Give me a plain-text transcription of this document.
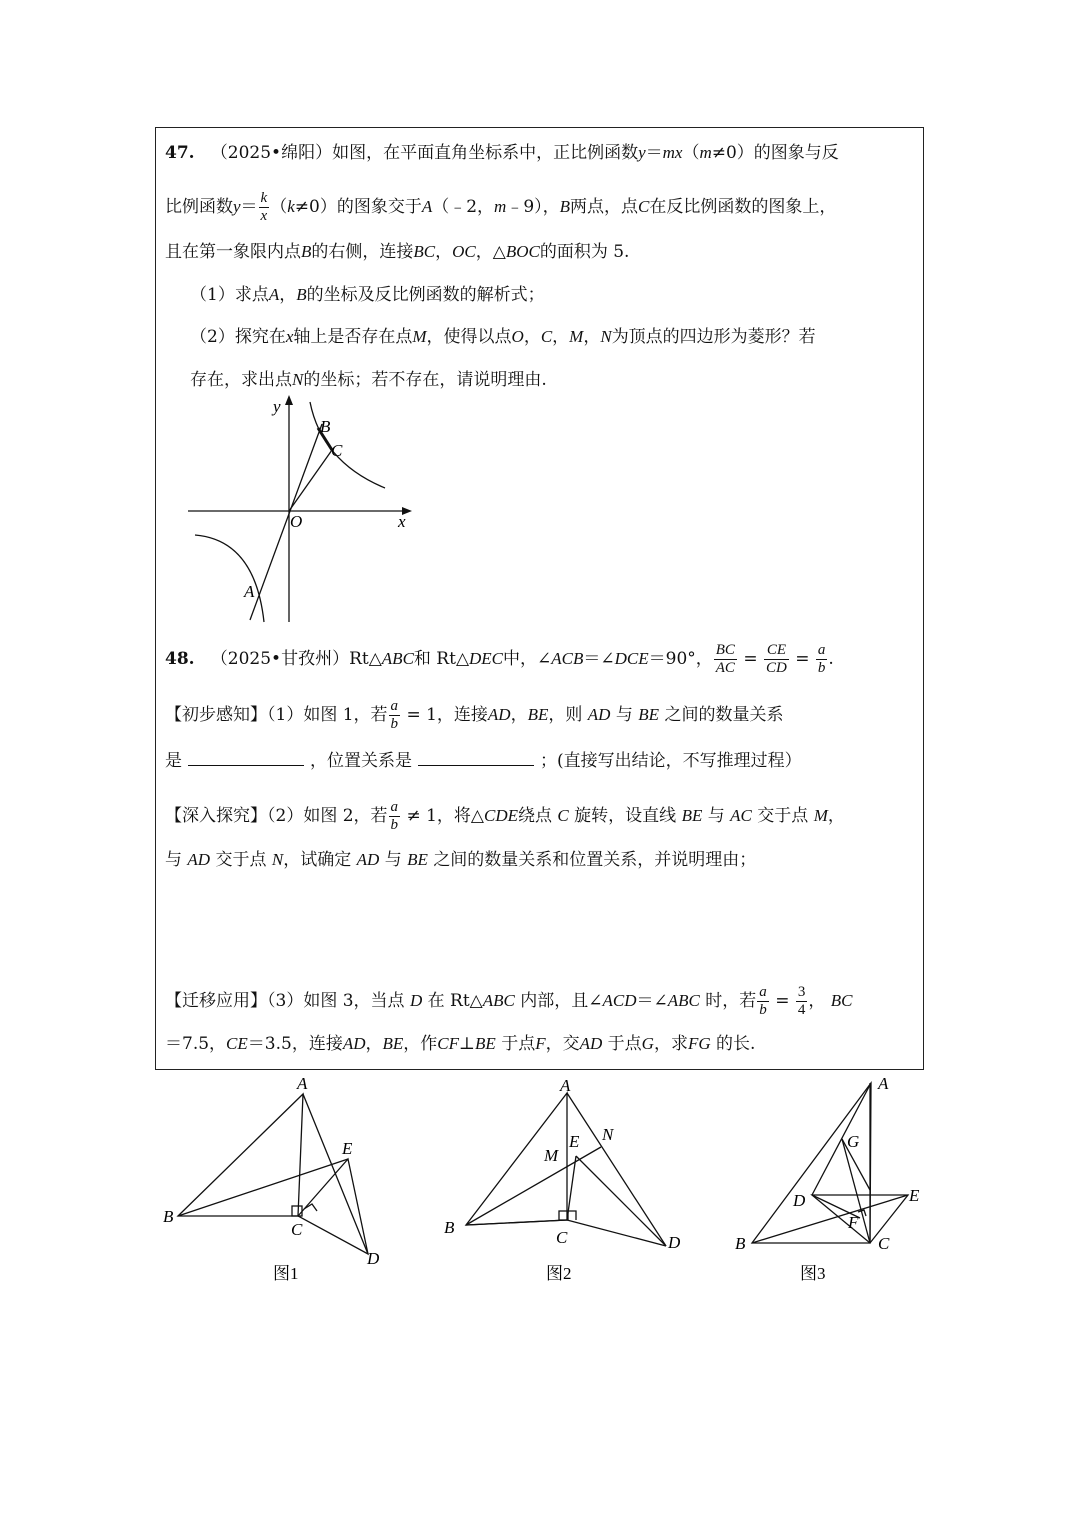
47. （2025•绵阳）如图，在平面直角坐标系中，正比例函数y＝mx（m≠0）的图象与反
比例函数$y= \frac{k}{x} (k\ne 0)$的图象交于A（﹣2，m﹣9），B两点，点C在反比例函数的图象上，
且在第一象限内点B的右侧，连接BC，OC，△BOC的面积为 5.
（1）求点A，B的坐标及反比例函数的解析式；
（2）探究在x轴上是否存在点M，使得以点O，C，M，N为顶点的四边形为菱形？若
存在，求出点N的坐标；若不存在，请说明理由.
y
x
O
B
C
A
48. （2025•甘孜州）Rt△ABC和 Rt△DEC中，∠ACB＝∠DCE＝90°， $\frac{BC}{AC} = \frac{CE}{CD} = \frac{a}{b}$ .
【初步感知】（1）如图 1，若 $\frac{a}{b} = 1$，连接AD，BE，则 AD 与 BE 之间的数量关系
是	，位置关系是	；(直接写出结论，不写推理过程）
【深入探究】（2）如图 2，若 $\frac{a}{b} \ne 1$，将△CDE绕点 C 旋转，设直线 BE 与 AC 交于点 M，
与 AD 交于点 N，试确定 AD 与 BE 之间的数量关系和位置关系，并说明理由；
【迁移应用】（3）如图 3，当点 D 在 Rt△ABC 内部，且∠ACD＝∠ABC 时，若 $\frac{a}{b} = \frac{3}{4}$ ， BC
＝7.5，CE＝3.5，连接AD，BE，作CF⊥BE 于点F，交AD 于点G，求FG 的长.
A
B
C
D
E
图1
A
B
C	D
E
M
N
图2
A
B	C
D	E
F
G
图3
